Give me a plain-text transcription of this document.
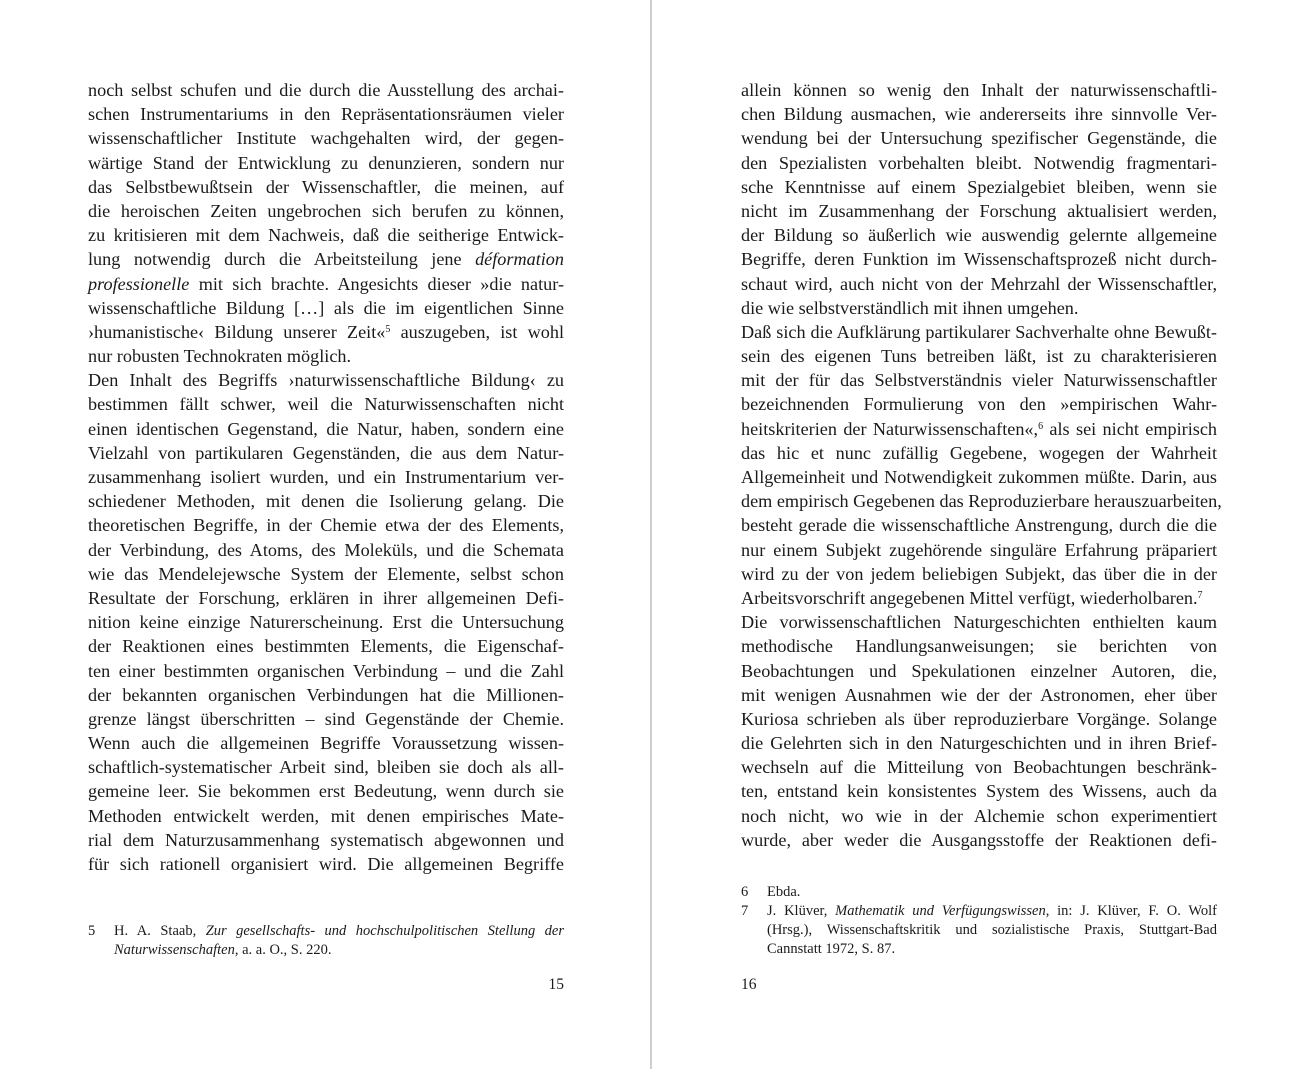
noch selbst schufen und die durch die Ausstellung des archai-
schen Instrumentariums in den Repräsentationsräumen vieler
wissenschaftlicher Institute wachgehalten wird, der gegen-
wärtige Stand der Entwicklung zu denunzieren, sondern nur
das Selbstbewußtsein der Wissenschaftler, die meinen, auf
die heroischen Zeiten ungebrochen sich berufen zu können,
zu kritisieren mit dem Nachweis, daß die seitherige Entwick-
lung notwendig durch die Arbeitsteilung jene déformation
professionelle mit sich brachte. Angesichts dieser »die natur-
wissenschaftliche Bildung […] als die im eigentlichen Sinne
›humanistische‹ Bildung unserer Zeit«$^5$ auszugeben, ist wohl
nur robusten Technokraten möglich.
Den Inhalt des Begriffs ›naturwissenschaftliche Bildung‹ zu
bestimmen fällt schwer, weil die Naturwissenschaften nicht
einen identischen Gegenstand, die Natur, haben, sondern eine
Vielzahl von partikularen Gegenständen, die aus dem Natur-
zusammenhang isoliert wurden, und ein Instrumentarium ver-
schiedener Methoden, mit denen die Isolierung gelang. Die
theoretischen Begriffe, in der Chemie etwa der des Elements,
der Verbindung, des Atoms, des Moleküls, und die Schemata
wie das Mendelejewsche System der Elemente, selbst schon
Resultate der Forschung, erklären in ihrer allgemeinen Defi-
nition keine einzige Naturerscheinung. Erst die Untersuchung
der Reaktionen eines bestimmten Elements, die Eigenschaf-
ten einer bestimmten organischen Verbindung – und die Zahl
der bekannten organischen Verbindungen hat die Millionen-
grenze längst überschritten – sind Gegenstände der Chemie.
Wenn auch die allgemeinen Begriffe Voraussetzung wissen-
schaftlich-systematischer Arbeit sind, bleiben sie doch als all-
gemeine leer. Sie bekommen erst Bedeutung, wenn durch sie
Methoden entwickelt werden, mit denen empirisches Mate-
rial dem Naturzusammenhang systematisch abgewonnen und
für sich rationell organisiert wird. Die allgemeinen Begriffe
5 H. A. Staab, Zur gesellschafts- und hochschulpolitischen Stellung der
Naturwissenschaften, a. a. O., S. 220.
15
allein können so wenig den Inhalt der naturwissenschaftli-
chen Bildung ausmachen, wie andererseits ihre sinnvolle Ver-
wendung bei der Untersuchung spezifischer Gegenstände, die
den Spezialisten vorbehalten bleibt. Notwendig fragmentari-
sche Kenntnisse auf einem Spezialgebiet bleiben, wenn sie
nicht im Zusammenhang der Forschung aktualisiert werden,
der Bildung so äußerlich wie auswendig gelernte allgemeine
Begriffe, deren Funktion im Wissenschaftsprozeß nicht durch-
schaut wird, auch nicht von der Mehrzahl der Wissenschaftler,
die wie selbstverständlich mit ihnen umgehen.
Daß sich die Aufklärung partikularer Sachverhalte ohne Bewußt-
sein des eigenen Tuns betreiben läßt, ist zu charakterisieren
mit der für das Selbstverständnis vieler Naturwissenschaftler
bezeichnenden Formulierung von den »empirischen Wahr-
heitskriterien der Naturwissenschaften«,$^6$ als sei nicht empirisch
das hic et nunc zufällig Gegebene, wogegen der Wahrheit
Allgemeinheit und Notwendigkeit zukommen müßte. Darin, aus
dem empirisch Gegebenen das Reproduzierbare herauszuarbeiten,
besteht gerade die wissenschaftliche Anstrengung, durch die die
nur einem Subjekt zugehörende singuläre Erfahrung präpariert
wird zu der von jedem beliebigen Subjekt, das über die in der
Arbeitsvorschrift angegebenen Mittel verfügt, wiederholbaren.$^7$
Die vorwissenschaftlichen Naturgeschichten enthielten kaum
methodische Handlungsanweisungen; sie berichten von
Beobachtungen und Spekulationen einzelner Autoren, die,
mit wenigen Ausnahmen wie der der Astronomen, eher über
Kuriosa schrieben als über reproduzierbare Vorgänge. Solange
die Gelehrten sich in den Naturgeschichten und in ihren Brief-
wechseln auf die Mitteilung von Beobachtungen beschränk-
ten, entstand kein konsistentes System des Wissens, auch da
noch nicht, wo wie in der Alchemie schon experimentiert
wurde, aber weder die Ausgangsstoffe der Reaktionen defi-
6 Ebda.
7 J. Klüver, Mathematik und Verfügungswissen, in: J. Klüver, F. O. Wolf
(Hrsg.), Wissenschaftskritik und sozialistische Praxis, Stuttgart-Bad
Cannstatt 1972, S. 87.
16
